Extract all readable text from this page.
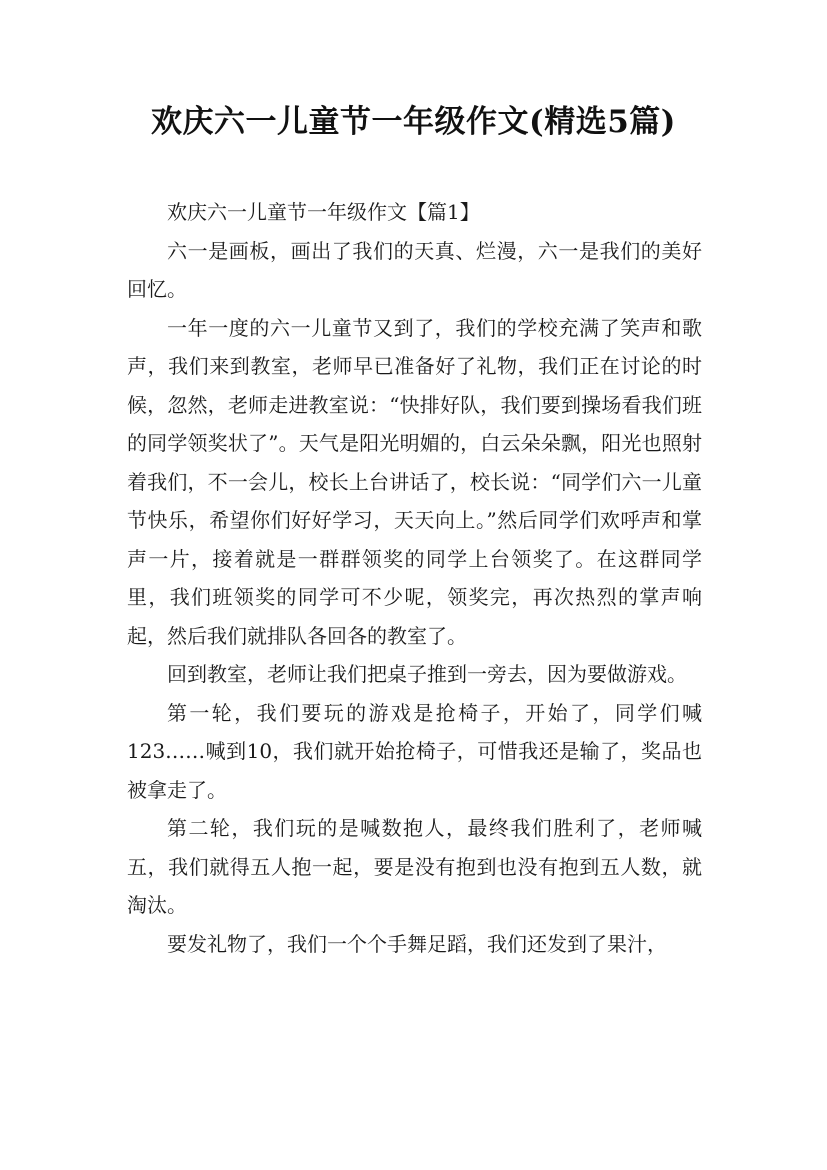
欢庆六一儿童节一年级作文(精选5篇)

欢庆六一儿童节一年级作文【篇1】

六一是画板，画出了我们的天真、烂漫，六一是我们的美好回忆。

一年一度的六一儿童节又到了，我们的学校充满了笑声和歌声，我们来到教室，老师早已准备好了礼物，我们正在讨论的时候，忽然，老师走进教室说：“快排好队，我们要到操场看我们班的同学领奖状了”。天气是阳光明媚的，白云朵朵飘，阳光也照射着我们，不一会儿，校长上台讲话了，校长说：“同学们六一儿童节快乐，希望你们好好学习，天天向上。”然后同学们欢呼声和掌声一片，接着就是一群群领奖的同学上台领奖了。在这群同学里，我们班领奖的同学可不少呢，领奖完，再次热烈的掌声响起，然后我们就排队各回各的教室了。

回到教室，老师让我们把桌子推到一旁去，因为要做游戏。

第一轮，我们要玩的游戏是抢椅子，开始了，同学们喊123……喊到10，我们就开始抢椅子，可惜我还是输了，奖品也被拿走了。

第二轮，我们玩的是喊数抱人，最终我们胜利了，老师喊五，我们就得五人抱一起，要是没有抱到也没有抱到五人数，就淘汰。

要发礼物了，我们一个个手舞足蹈，我们还发到了果汁，
